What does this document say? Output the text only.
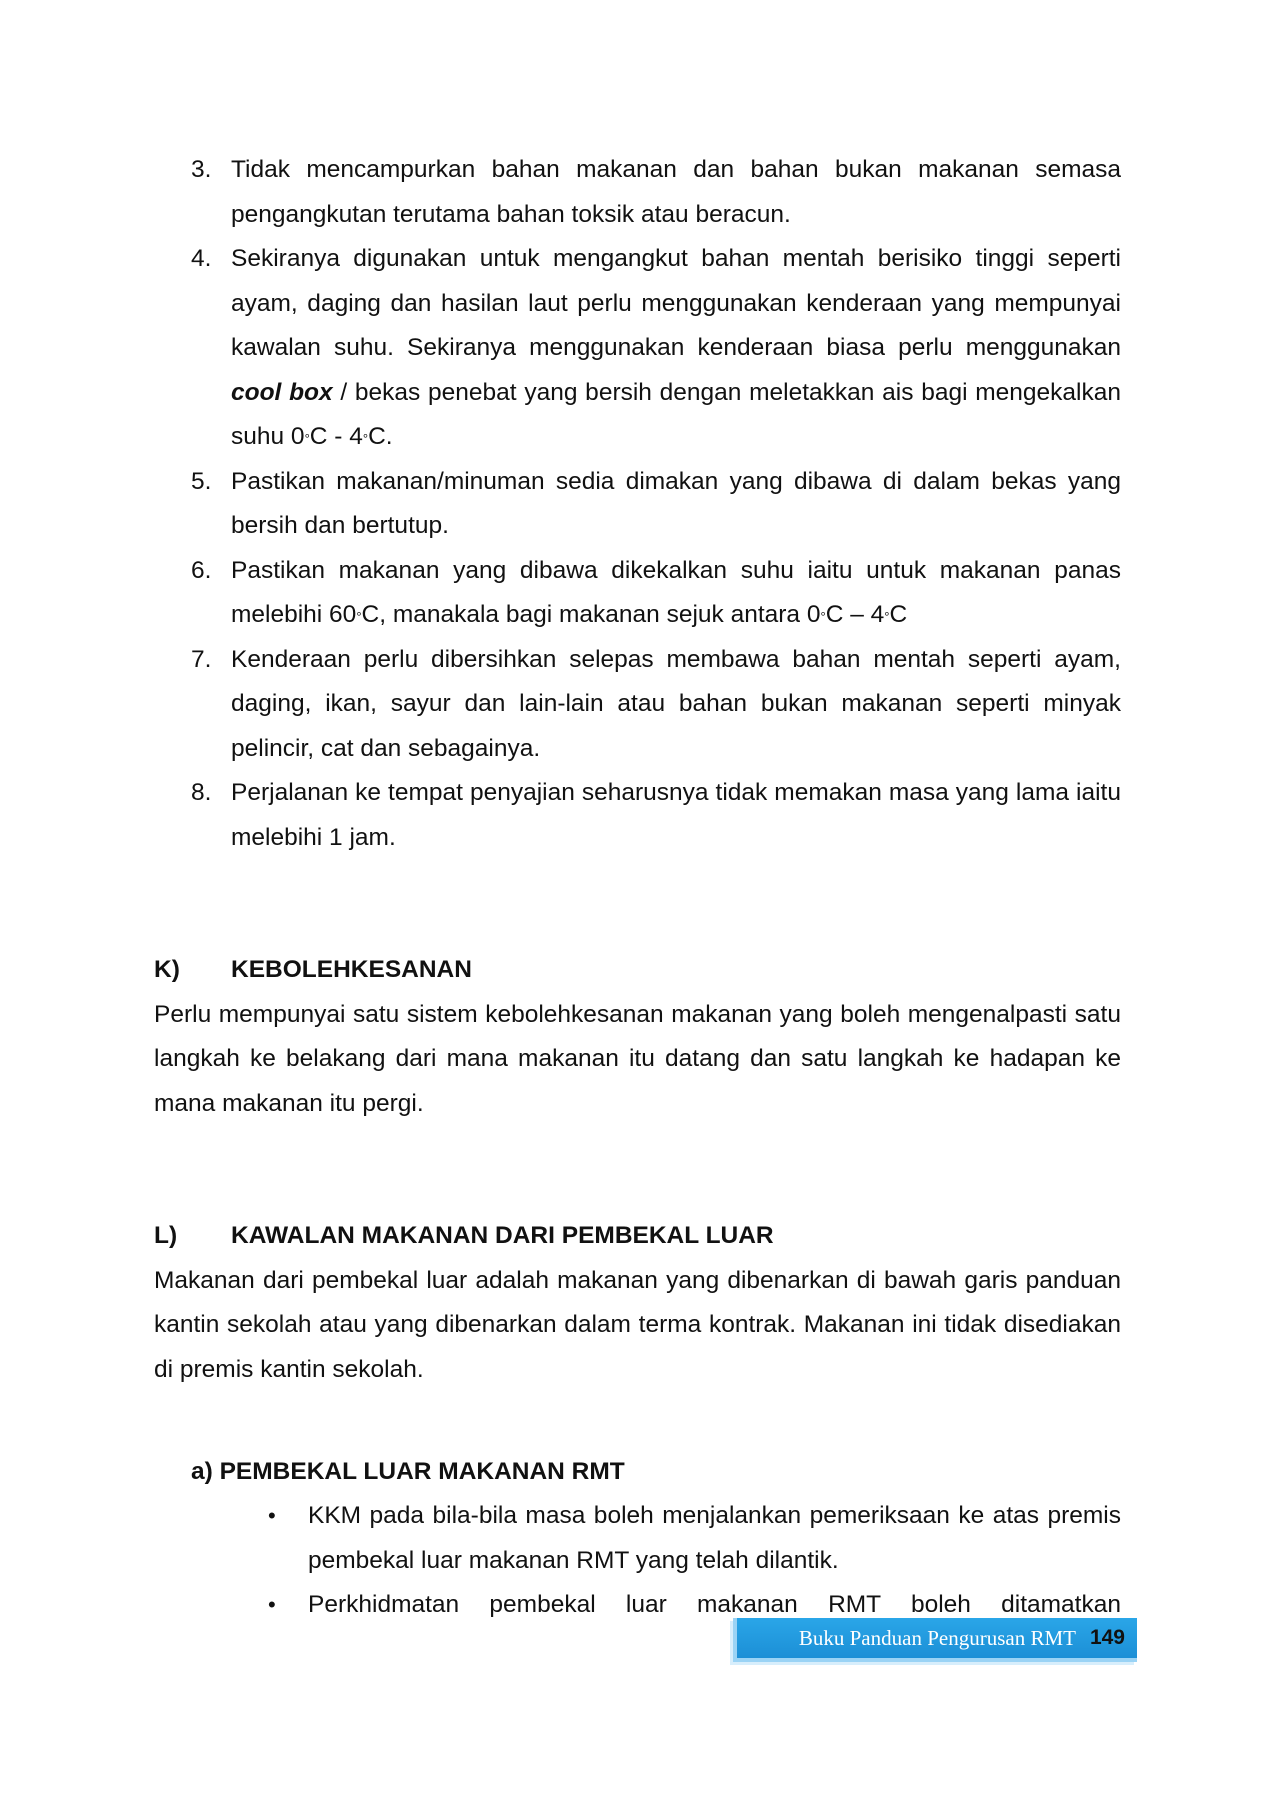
3. Tidak mencampurkan bahan makanan dan bahan bukan makanan semasa pengangkutan terutama bahan toksik atau beracun.
4. Sekiranya digunakan untuk mengangkut bahan mentah berisiko tinggi seperti ayam, daging dan hasilan laut perlu menggunakan kenderaan yang mempunyai kawalan suhu. Sekiranya menggunakan kenderaan biasa perlu menggunakan cool box / bekas penebat yang bersih dengan meletakkan ais bagi mengekalkan suhu 0°C - 4°C.
5. Pastikan makanan/minuman sedia dimakan yang dibawa di dalam bekas yang bersih dan bertutup.
6. Pastikan makanan yang dibawa dikekalkan suhu iaitu untuk makanan panas melebihi 60°C, manakala bagi makanan sejuk antara 0°C – 4°C
7. Kenderaan perlu dibersihkan selepas membawa bahan mentah seperti ayam, daging, ikan, sayur dan lain-lain atau bahan bukan makanan seperti minyak pelincir, cat dan sebagainya.
8. Perjalanan ke tempat penyajian seharusnya tidak memakan masa yang lama iaitu melebihi 1 jam.
K) KEBOLEHKESANAN
Perlu mempunyai satu sistem kebolehkesanan makanan yang boleh mengenalpasti satu langkah ke belakang dari mana makanan itu datang dan satu langkah ke hadapan ke mana makanan itu pergi.
L) KAWALAN MAKANAN DARI PEMBEKAL LUAR
Makanan dari pembekal luar adalah makanan yang dibenarkan di bawah garis panduan kantin sekolah atau yang dibenarkan dalam terma kontrak. Makanan ini tidak disediakan di premis kantin sekolah.
a) PEMBEKAL LUAR MAKANAN RMT
• KKM pada bila-bila masa boleh menjalankan pemeriksaan ke atas premis pembekal luar makanan RMT yang telah dilantik.
• Perkhidmatan pembekal luar makanan RMT boleh ditamatkan
Buku Panduan Pengurusan RMT 149
